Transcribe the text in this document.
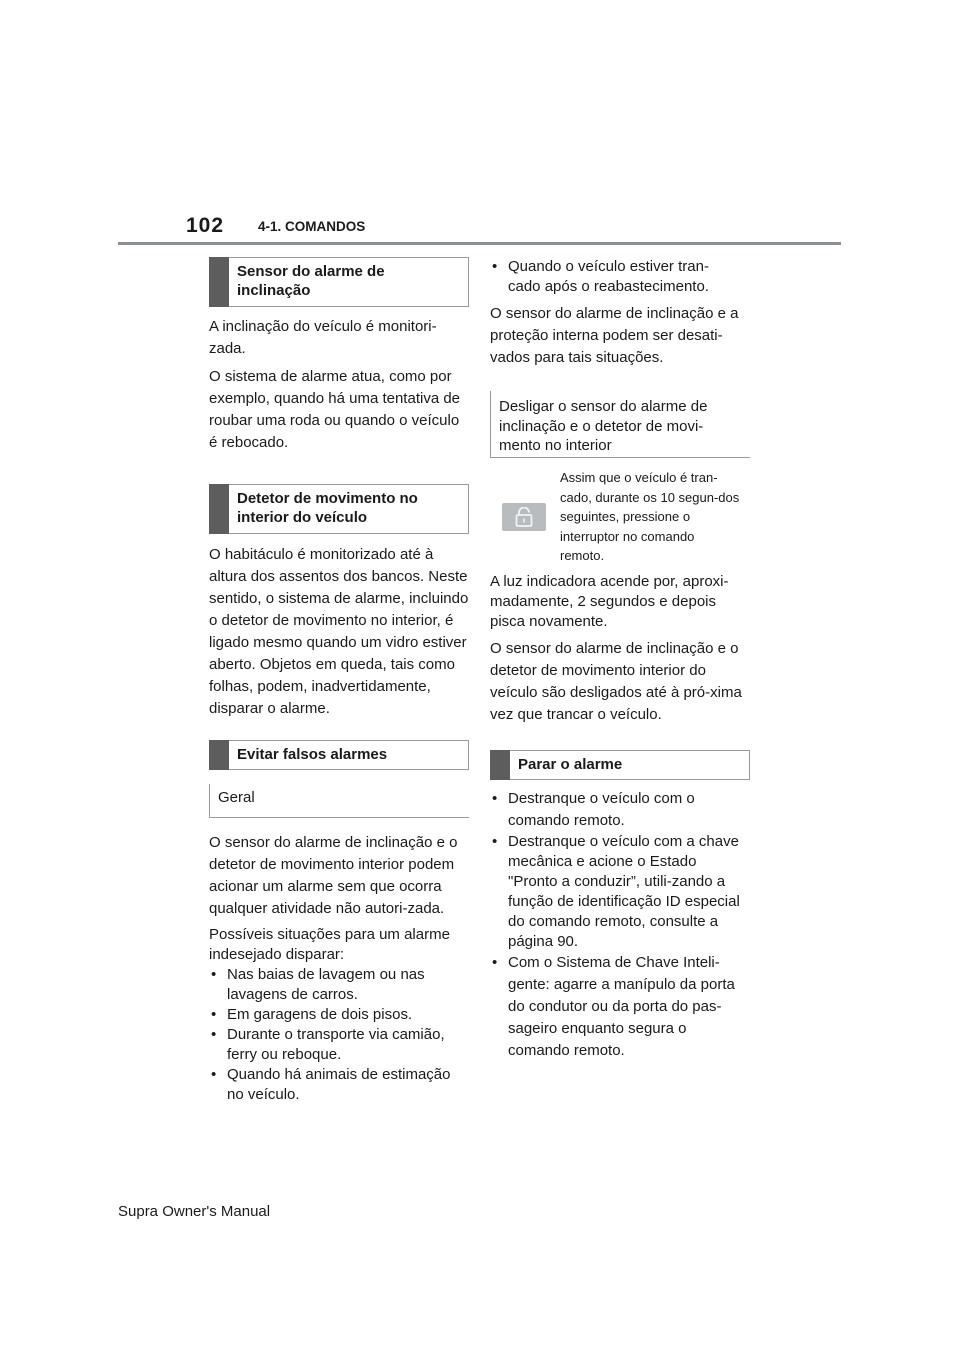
102	4-1. COMANDOS
Sensor do alarme de inclinação

A inclinação do veículo é monitori-zada.

O sistema de alarme atua, como por exemplo, quando há uma tentativa de roubar uma roda ou quando o veículo é rebocado.

Detetor de movimento no interior do veículo

O habitáculo é monitorizado até à altura dos assentos dos bancos. Neste sentido, o sistema de alarme, incluindo o detetor de movimento no interior, é ligado mesmo quando um vidro estiver aberto. Objetos em queda, tais como folhas, podem, inadvertidamente, disparar o alarme.

Evitar falsos alarmes
Geral

O sensor do alarme de inclinação e o detetor de movimento interior podem acionar um alarme sem que ocorra qualquer atividade não autori-zada.

Possíveis situações para um alarme indesejado disparar:

• Nas baias de lavagem ou nas lavagens de carros.
• Em garagens de dois pisos.
• Durante o transporte via camião, ferry ou reboque.
• Quando há animais de estimação no veículo.
• Quando o veículo estiver tran-cado após o reabastecimento.

O sensor do alarme de inclinação e a proteção interna podem ser desati-vados para tais situações.

Desligar o sensor do alarme de inclinação e o detetor de movi-mento no interior
Assim que o veículo é tran-cado, durante os 10 segun-dos seguintes, pressione o interruptor no comando remoto.

A luz indicadora acende por, aproxi-madamente, 2 segundos e depois pisca novamente.

O sensor do alarme de inclinação e o detetor de movimento interior do veículo são desligados até à pró-xima vez que trancar o veículo.

Parar o alarme
• Destranque o veículo com o comando remoto.
• Destranque o veículo com a chave mecânica e acione o Estado "Pronto a conduzir”, utili-zando a função de identificação ID especial do comando remoto, consulte a página 90.
• Com o Sistema de Chave Inteli-gente: agarre a manípulo da porta do condutor ou da porta do pas-sageiro enquanto segura o comando remoto.
Supra Owner's Manual
